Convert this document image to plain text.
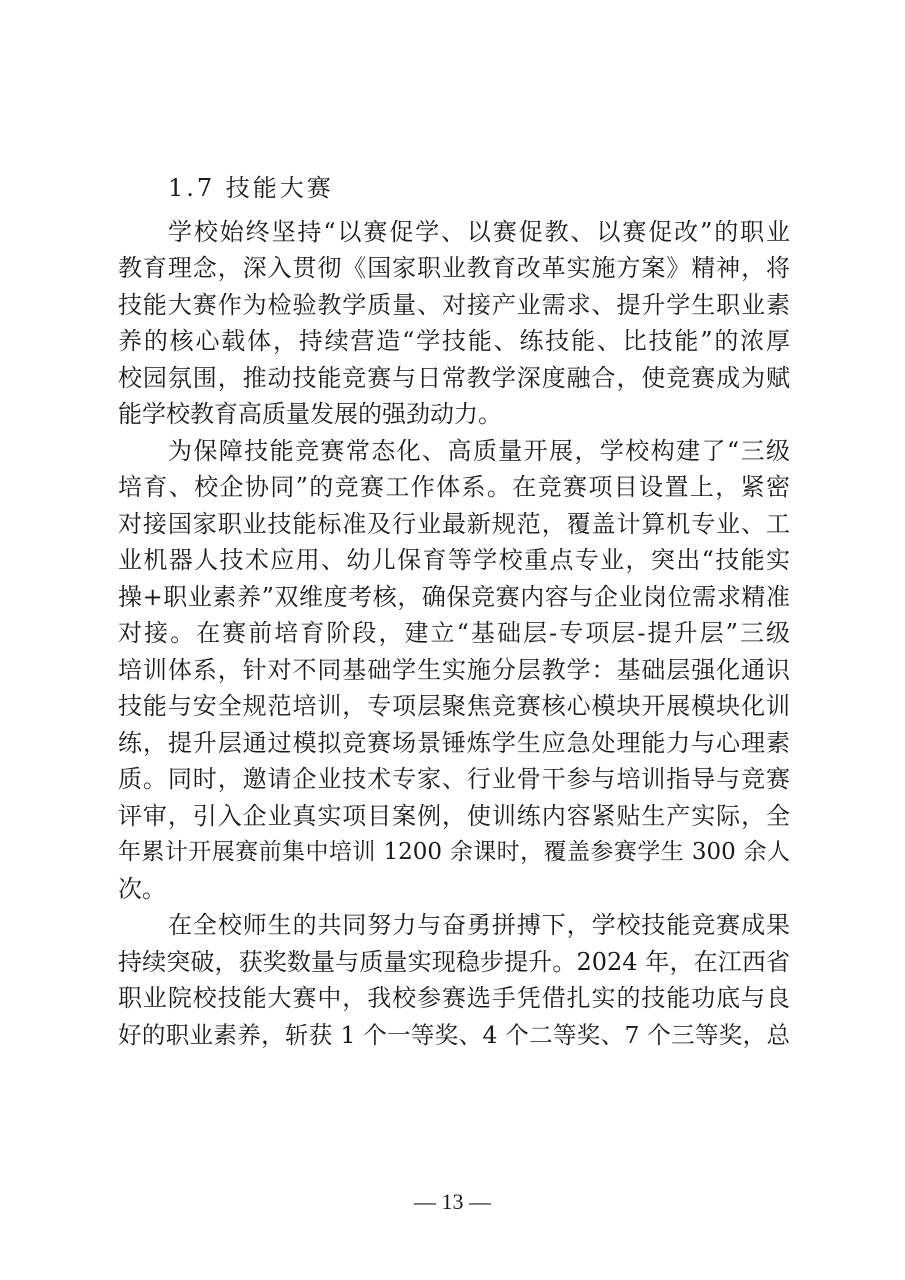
1.7 技能大赛
学校始终坚持“以赛促学、以赛促教、以赛促改”的职业
教育理念，深入贯彻《国家职业教育改革实施方案》精神，将
技能大赛作为检验教学质量、对接产业需求、提升学生职业素
养的核心载体，持续营造“学技能、练技能、比技能”的浓厚
校园氛围，推动技能竞赛与日常教学深度融合，使竞赛成为赋
能学校教育高质量发展的强劲动力。
为保障技能竞赛常态化、高质量开展，学校构建了“三级
培育、校企协同”的竞赛工作体系。在竞赛项目设置上，紧密
对接国家职业技能标准及行业最新规范，覆盖计算机专业、工
业机器人技术应用、幼儿保育等学校重点专业，突出“技能实
操+职业素养”双维度考核，确保竞赛内容与企业岗位需求精准
对接。在赛前培育阶段，建立“基础层-专项层-提升层”三级
培训体系，针对不同基础学生实施分层教学：基础层强化通识
技能与安全规范培训，专项层聚焦竞赛核心模块开展模块化训
练，提升层通过模拟竞赛场景锤炼学生应急处理能力与心理素
质。同时，邀请企业技术专家、行业骨干参与培训指导与竞赛
评审，引入企业真实项目案例，使训练内容紧贴生产实际，全
年累计开展赛前集中培训 1200 余课时，覆盖参赛学生 300 余人
次。
在全校师生的共同努力与奋勇拼搏下，学校技能竞赛成果
持续突破，获奖数量与质量实现稳步提升。2024 年，在江西省
职业院校技能大赛中，我校参赛选手凭借扎实的技能功底与良
好的职业素养，斩获 1 个一等奖、4 个二等奖、7 个三等奖，总
— 13 —
